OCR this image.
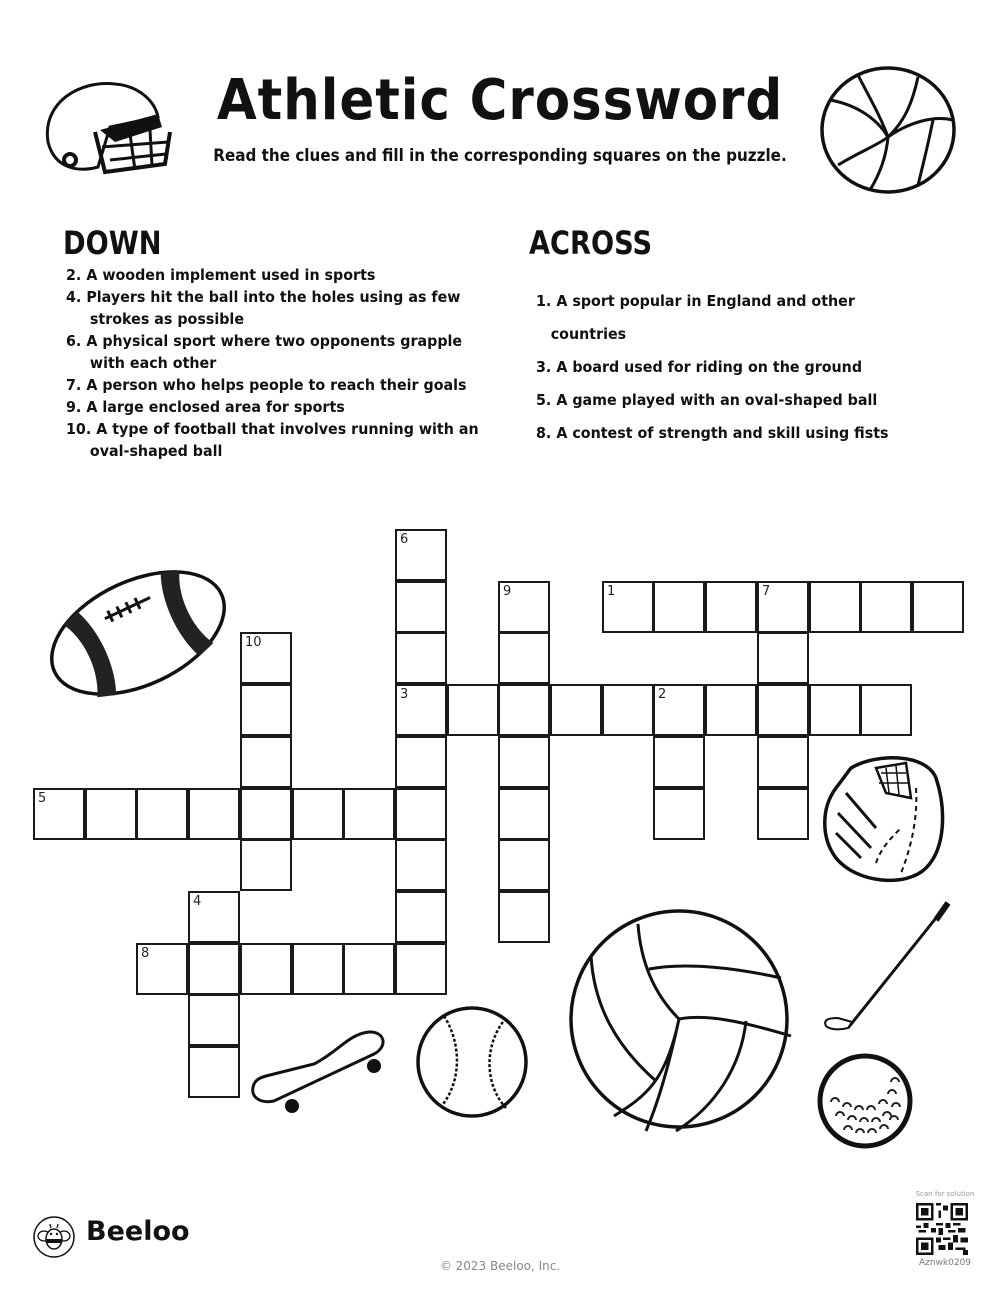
Athletic Crossword
Read the clues and fill in the corresponding squares on the puzzle.
DOWN
2. A wooden implement used in sports
4. Players hit the ball into the holes using as few strokes as possible
6. A physical sport where two opponents grapple with each other
7. A person who helps people to reach their goals
9. A large enclosed area for sports
10. A type of football that involves running with an oval-shaped ball
ACROSS
1. A sport popular in England and other countries
3. A board used for riding on the ground
5. A game played with an oval-shaped ball
8. A contest of strength and skill using fists
1	7
2
3
4
5
6
8
9
10
Beeloo
© 2023 Beeloo, Inc.
Scan for solution
Aznwk0209
